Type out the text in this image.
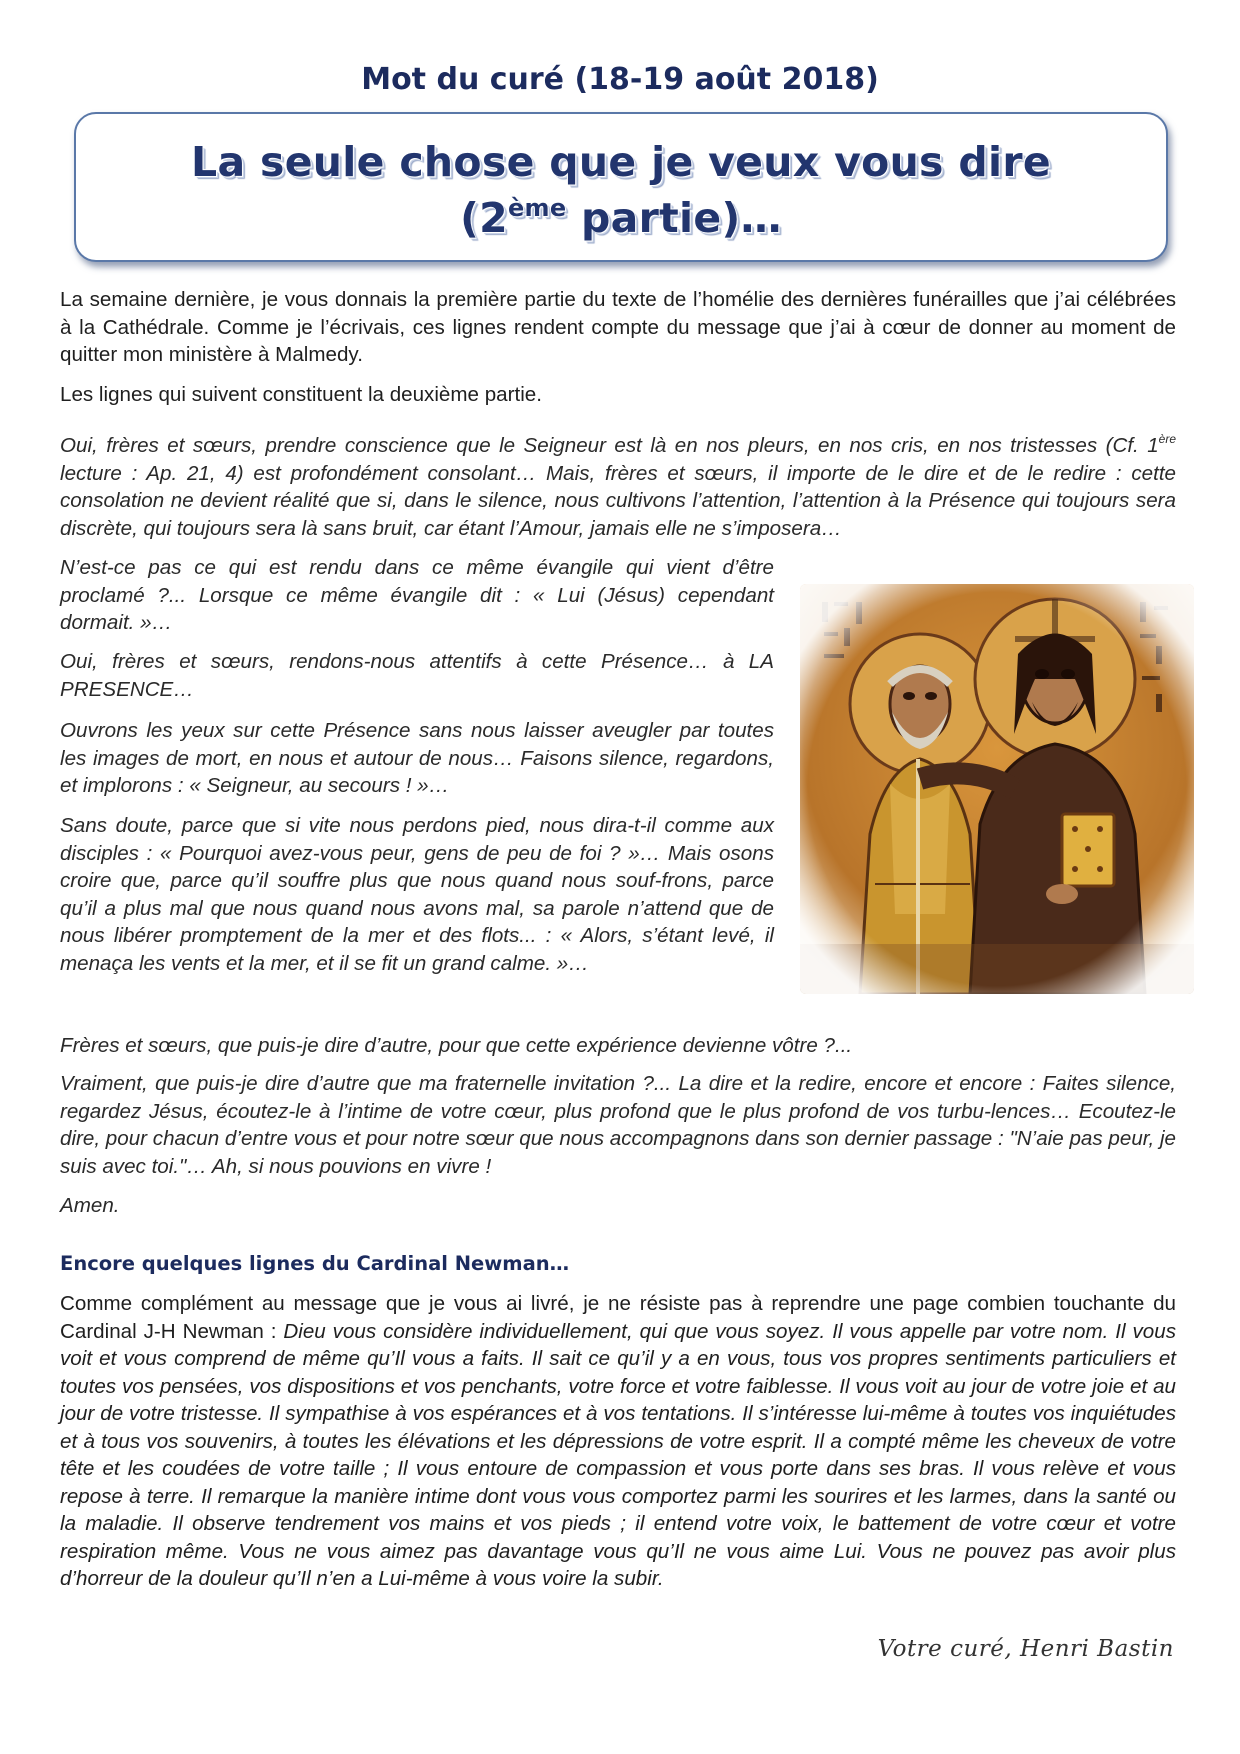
Mot du curé (18-19 août 2018)
La seule chose que je veux vous dire
(2ème partie)…

La semaine dernière, je vous donnais la première partie du texte de l’homélie des dernières funérailles que j’ai célébrées à la Cathédrale. Comme je l’écrivais, ces lignes rendent compte du message que j’ai à cœur de donner au moment de quitter mon ministère à Malmedy.

Les lignes qui suivent constituent la deuxième partie.

Oui, frères et sœurs, prendre conscience que le Seigneur est là en nos pleurs, en nos cris, en nos tristesses (Cf. 1ère lecture : Ap. 21, 4) est profondément consolant… Mais, frères et sœurs, il importe de le dire et de le redire : cette consolation ne devient réalité que si, dans le silence, nous cultivons l’attention, l’attention à la Présence qui toujours sera discrète, qui toujours sera là sans bruit, car étant l’Amour, jamais elle ne s’imposera…

N’est-ce pas ce qui est rendu dans ce même évangile qui vient d’être proclamé ?... Lorsque ce même évangile dit : « Lui (Jésus) cependant dormait. »…

Oui, frères et sœurs, rendons-nous attentifs à cette Présence… à LA PRESENCE…

Ouvrons les yeux sur cette Présence sans nous laisser aveugler par toutes les images de mort, en nous et autour de nous… Faisons silence, regardons, et implorons : « Seigneur, au secours ! »…

Sans doute, parce que si vite nous perdons pied, nous dira-t-il comme aux disciples : « Pourquoi avez-vous peur, gens de peu de foi ? »… Mais osons croire que, parce qu’il souffre plus que nous quand nous souf-frons, parce qu’il a plus mal que nous quand nous avons mal, sa parole n’attend que de nous libérer promptement de la mer et des flots... : « Alors, s’étant levé, il menaça les vents et la mer, et il se fit un grand calme. »…

Frères et sœurs, que puis-je dire d’autre, pour que cette expérience devienne vôtre ?...

Vraiment, que puis-je dire d’autre que ma fraternelle invitation ?... La dire et la redire, encore et encore : Faites silence, regardez Jésus, écoutez-le à l’intime de votre cœur, plus profond que le plus profond de vos turbu-lences… Ecoutez-le dire, pour chacun d’entre vous et pour notre sœur que nous accompagnons dans son dernier passage : "N’aie pas peur, je suis avec toi."… Ah, si nous pouvions en vivre !

Amen.

Encore quelques lignes du Cardinal Newman…

Comme complément au message que je vous ai livré, je ne résiste pas à reprendre une page combien touchante du Cardinal J-H Newman : Dieu vous considère individuellement, qui que vous soyez. Il vous appelle par votre nom. Il vous voit et vous comprend de même qu’Il vous a faits. Il sait ce qu’il y a en vous, tous vos propres sentiments particuliers et toutes vos pensées, vos dispositions et vos penchants, votre force et votre faiblesse. Il vous voit au jour de votre joie et au jour de votre tristesse. Il sympathise à vos espérances et à vos tentations. Il s’intéresse lui-même à toutes vos inquiétudes et à tous vos souvenirs, à toutes les élévations et les dépressions de votre esprit. Il a compté même les cheveux de votre tête et les coudées de votre taille ; Il vous entoure de compassion et vous porte dans ses bras. Il vous relève et vous repose à terre. Il remarque la manière intime dont vous vous comportez parmi les sourires et les larmes, dans la santé ou la maladie. Il observe tendrement vos mains et vos pieds ; il entend votre voix, le battement de votre cœur et votre respiration même. Vous ne vous aimez pas davantage vous qu’Il ne vous aime Lui. Vous ne pouvez pas avoir plus d’horreur de la douleur qu’Il n’en a Lui-même à vous voire la subir.

Votre curé, Henri Bastin
